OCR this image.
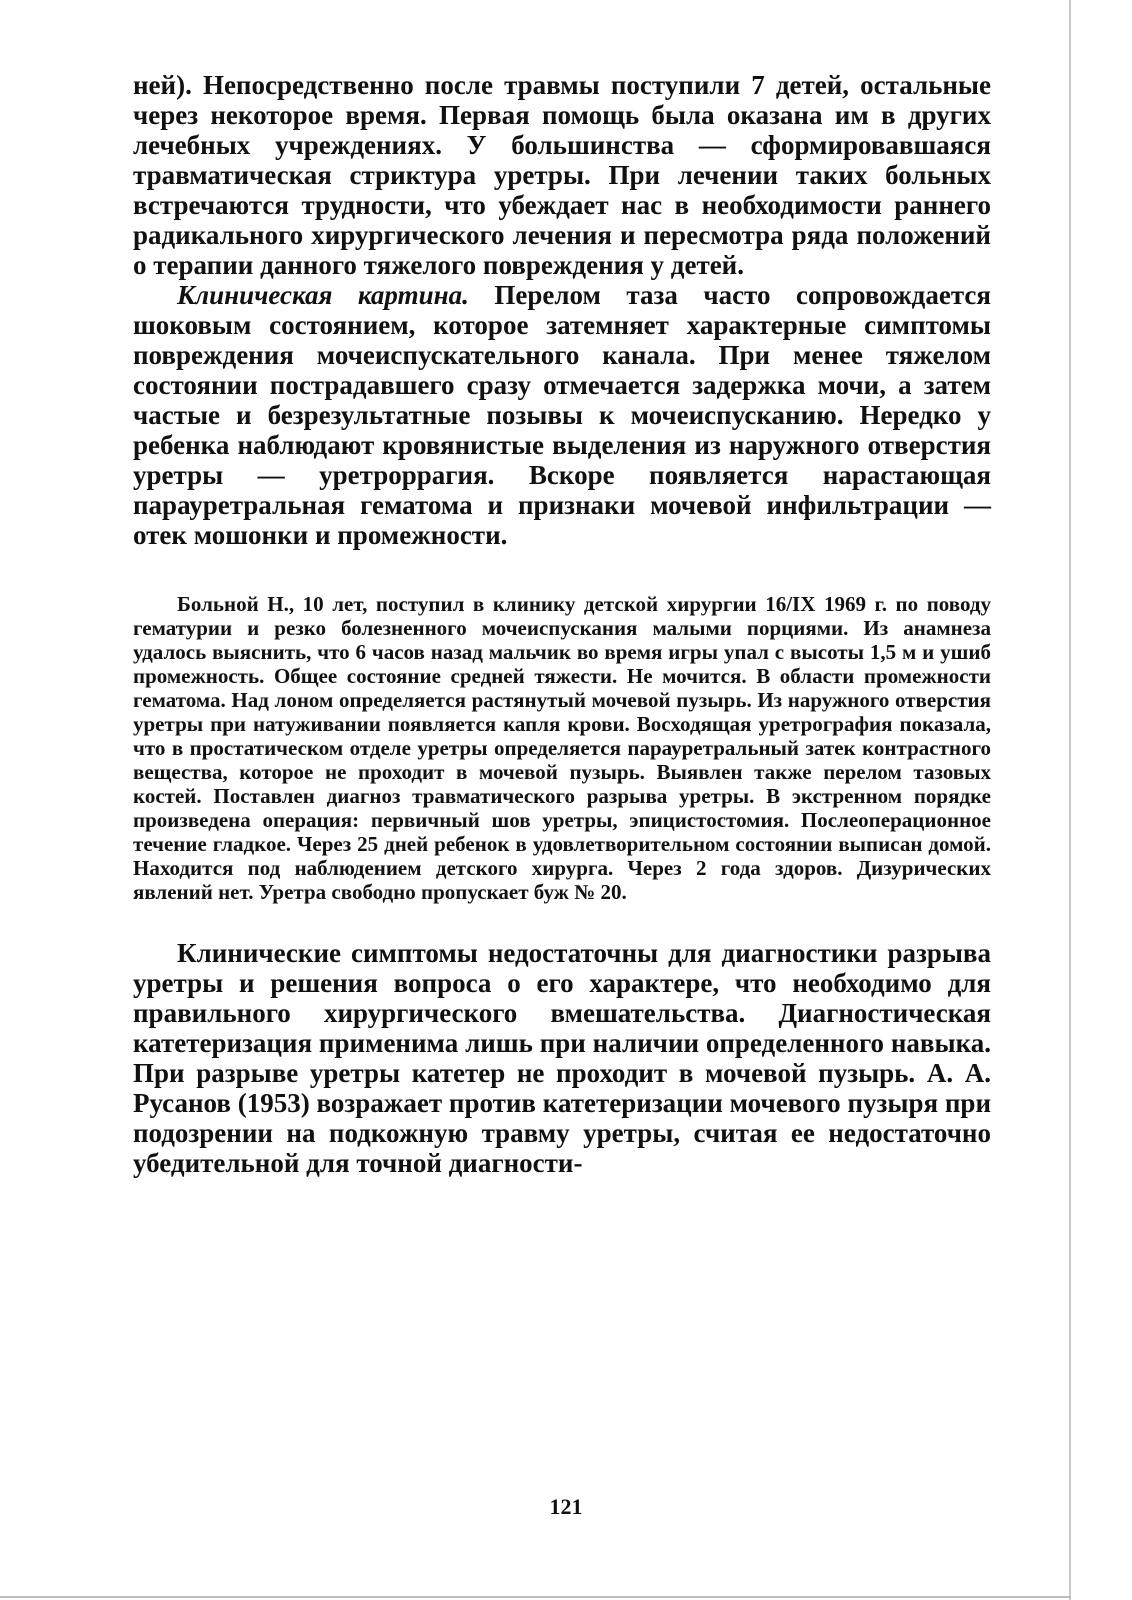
ней). Непосредственно после травмы поступили 7 детей, остальные через некоторое время. Первая помощь была оказана им в других лечебных учреждениях. У большинства — сформировавшаяся травматическая стриктура уретры. При лечении таких больных встречаются трудности, что убеждает нас в необходимости раннего радикального хирургического лечения и пересмотра ряда положений о терапии данного тяжелого повреждения у детей.

Клиническая картина. Перелом таза часто сопровождается шоковым состоянием, которое затемняет характерные симптомы повреждения мочеиспускательного канала. При менее тяжелом состоянии пострадавшего сразу отмечается задержка мочи, а затем частые и безрезультатные позывы к мочеиспусканию. Нередко у ребенка наблюдают кровянистые выделения из наружного отверстия уретры — уретроррагия. Вскоре появляется нарастающая парауретральная гематома и признаки мочевой инфильтрации — отек мошонки и промежности.

Больной Н., 10 лет, поступил в клинику детской хирургии 16/IX 1969 г. по поводу гематурии и резко болезненного мочеиспускания малыми порциями. Из анамнеза удалось выяснить, что 6 часов назад мальчик во время игры упал с высоты 1,5 м и ушиб промежность. Общее состояние средней тяжести. Не мочится. В области промежности гематома. Над лоном определяется растянутый мочевой пузырь. Из наружного отверстия уретры при натуживании появляется капля крови. Восходящая уретрография показала, что в простатическом отделе уретры определяется парауретральный затек контрастного вещества, которое не проходит в мочевой пузырь. Выявлен также перелом тазовых костей. Поставлен диагноз травматического разрыва уретры. В экстренном порядке произведена операция: первичный шов уретры, эпицистостомия. Послеоперационное течение гладкое. Через 25 дней ребенок в удовлетворительном состоянии выписан домой. Находится под наблюдением детского хирурга. Через 2 года здоров. Дизурических явлений нет. Уретра свободно пропускает буж № 20.

Клинические симптомы недостаточны для диагностики разрыва уретры и решения вопроса о его характере, что необходимо для правильного хирургического вмешательства. Диагностическая катетеризация применима лишь при наличии определенного навыка. При разрыве уретры катетер не проходит в мочевой пузырь. А. А. Русанов (1953) возражает против катетеризации мочевого пузыря при подозрении на подкожную травму уретры, считая ее недостаточно убедительной для точной диагности-

121
